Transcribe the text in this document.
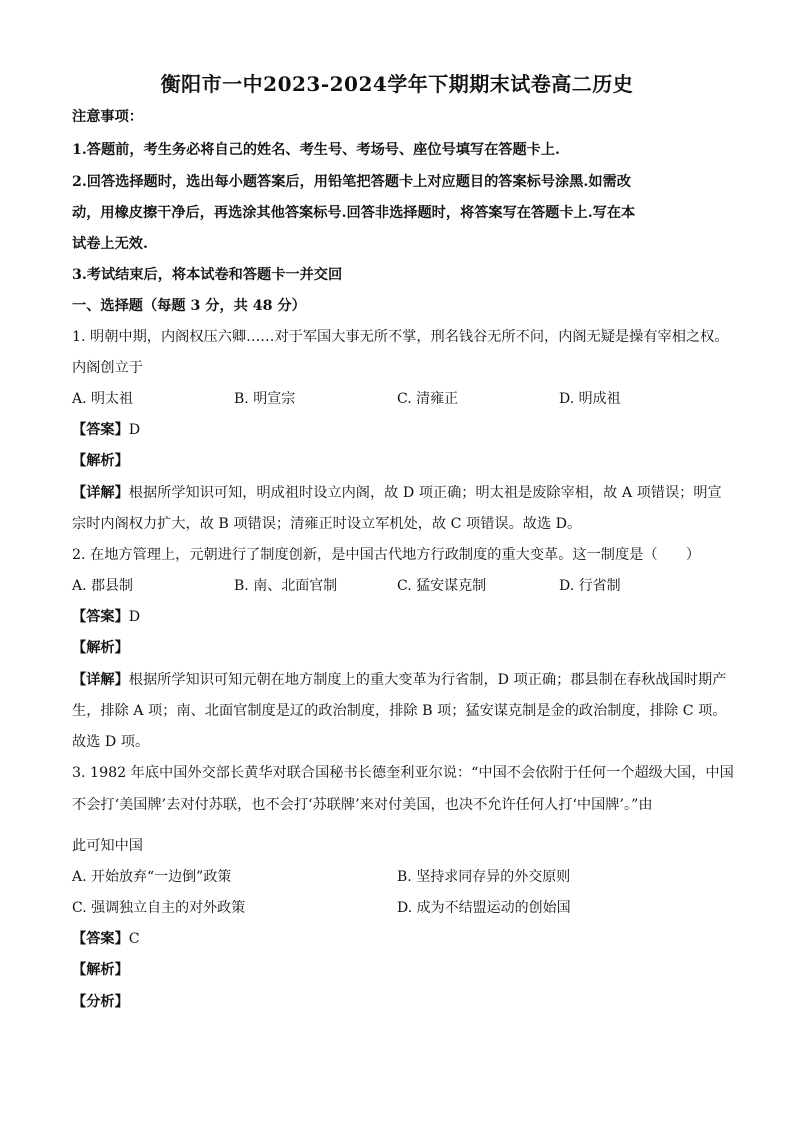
衡阳市一中2023-2024学年下期期末试卷高二历史
注意事项：
1.答题前，考生务必将自己的姓名、考生号、考场号、座位号填写在答题卡上.
2.回答选择题时，选出每小题答案后，用铅笔把答题卡上对应题目的答案标号涂黑.如需改
动，用橡皮擦干净后，再选涂其他答案标号.回答非选择题时，将答案写在答题卡上.写在本
试卷上无效.
3.考试结束后，将本试卷和答题卡一并交回
一、选择题（每题 3 分，共 48 分）
1. 明朝中期，内阁权压六卿……对于军国大事无所不掌，刑名钱谷无所不问，内阁无疑是操有宰相之权。
内阁创立于
A. 明太祖	B. 明宣宗	C. 清雍正	D. 明成祖
【答案】D
【解析】
【详解】根据所学知识可知，明成祖时设立内阁，故 D 项正确；明太祖是废除宰相，故 A 项错误；明宣
宗时内阁权力扩大，故 B 项错误；清雍正时设立军机处，故 C 项错误。故选 D。
2. 在地方管理上，元朝进行了制度创新，是中国古代地方行政制度的重大变革。这一制度是（　　）
A. 郡县制	B. 南、北面官制	C. 猛安谋克制	D. 行省制
【答案】D
【解析】
【详解】根据所学知识可知元朝在地方制度上的重大变革为行省制，D 项正确；郡县制在春秋战国时期产
生，排除 A 项；南、北面官制度是辽的政治制度，排除 B 项；猛安谋克制是金的政治制度，排除 C 项。
故选 D 项。
3. 1982 年底中国外交部长黄华对联合国秘书长德奎利亚尔说：“中国不会依附于任何一个超级大国，中国
不会打‘美国牌’去对付苏联，也不会打‘苏联牌’来对付美国，也决不允许任何人打‘中国牌’。”由
此可知中国
A. 开始放弃“一边倒”政策	B. 坚持求同存异的外交原则
C. 强调独立自主的对外政策	D. 成为不结盟运动的创始国
【答案】C
【解析】
【分析】
